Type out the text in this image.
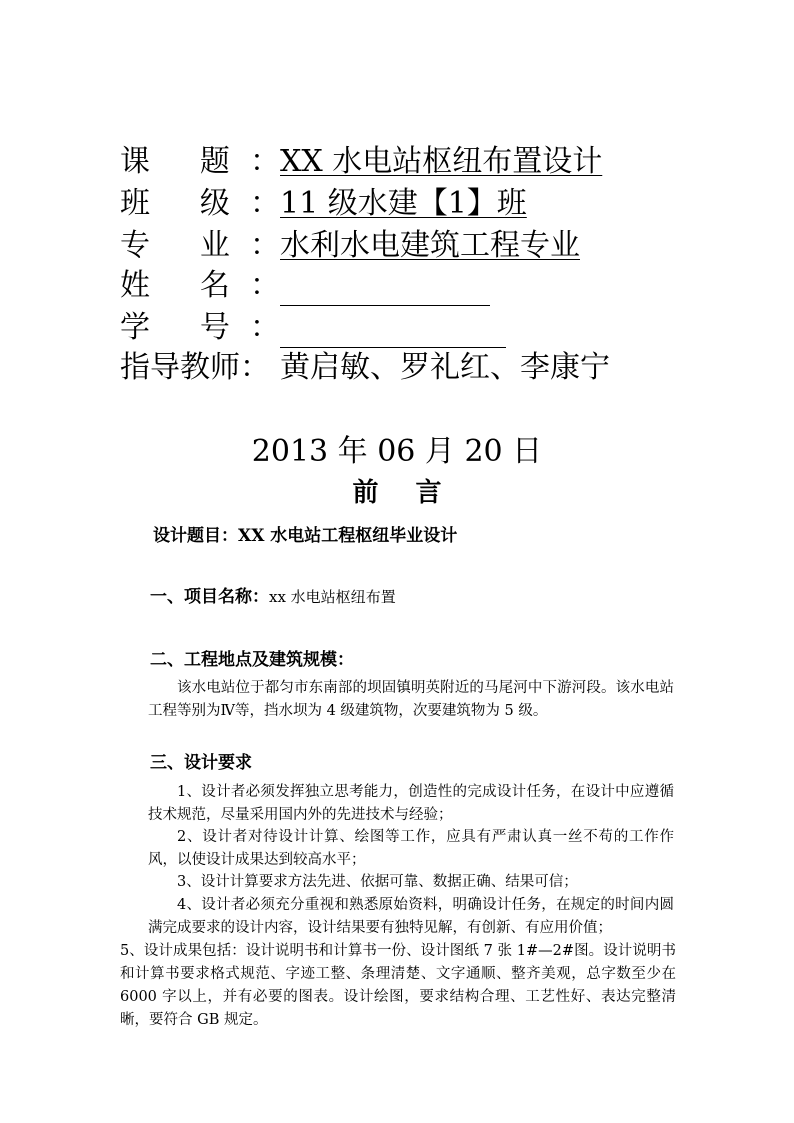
课 题： XX 水电站枢纽布置设计
班 级： 11 级水建【1】班
专 业： 水利水电建筑工程专业
姓 名：
学 号：
指导教师： 黄启敏、罗礼红、李康宁
2013 年 06 月 20 日
前 言
设计题目：XX 水电站工程枢纽毕业设计
一、项目名称：xx 水电站枢纽布置
二、工程地点及建筑规模：
该水电站位于都匀市东南部的坝固镇明英附近的马尾河中下游河段。该水电站工程等别为Ⅳ等，挡水坝为 4 级建筑物，次要建筑物为 5 级。
三、设计要求
1、设计者必须发挥独立思考能力，创造性的完成设计任务，在设计中应遵循技术规范，尽量采用国内外的先进技术与经验；
2、设计者对待设计计算、绘图等工作，应具有严肃认真一丝不苟的工作作风，以使设计成果达到较高水平；
3、设计计算要求方法先进、依据可靠、数据正确、结果可信；
4、设计者必须充分重视和熟悉原始资料，明确设计任务，在规定的时间内圆满完成要求的设计内容，设计结果要有独特见解，有创新、有应用价值；
5、设计成果包括：设计说明书和计算书一份、设计图纸 7 张 1#—2#图。设计说明书和计算书要求格式规范、字迹工整、条理清楚、文字通顺、整齐美观，总字数至少在 6000 字以上，并有必要的图表。设计绘图，要求结构合理、工艺性好、表达完整清晰，要符合 GB 规定。
